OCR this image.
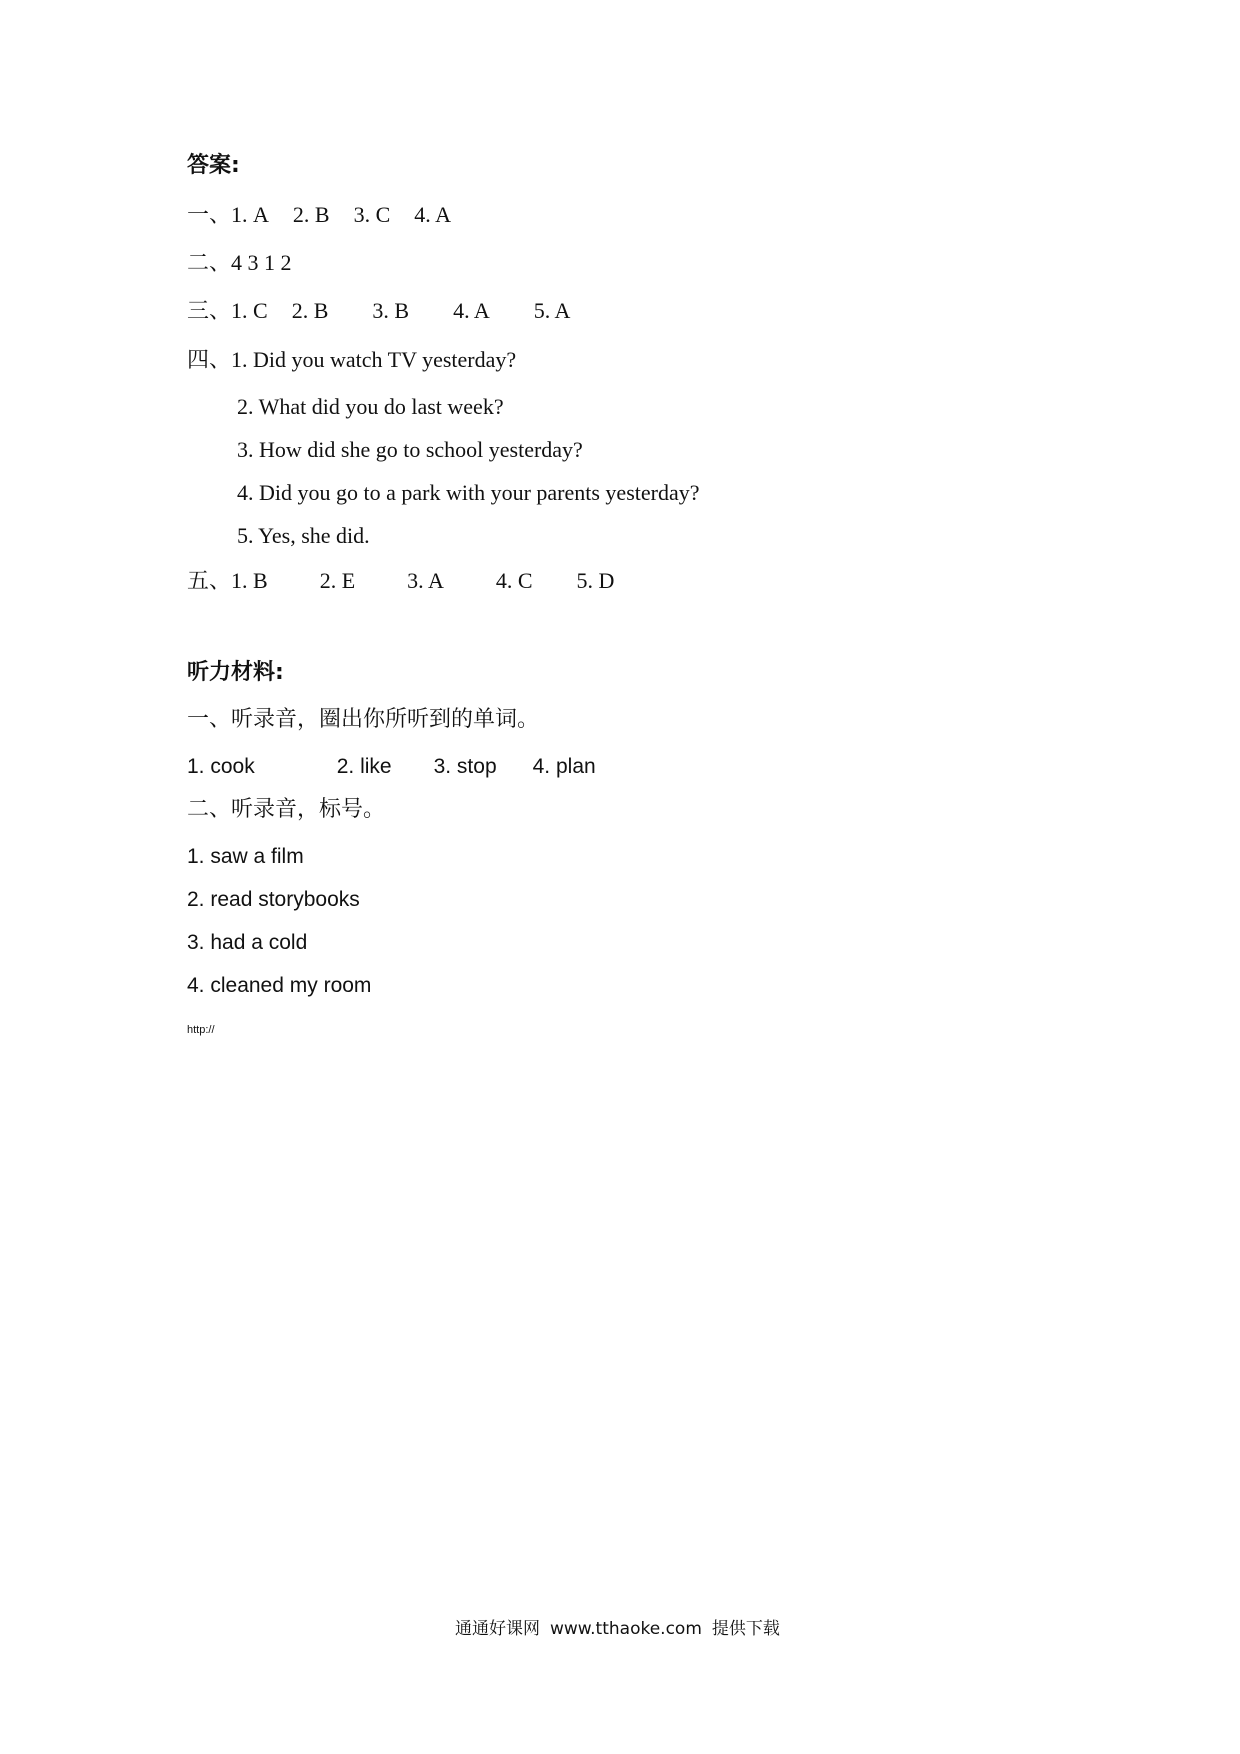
答案:
一、1. A 2. B 3. C 4. A
二、4 3 1 2
三、1. C 2. B 3. B 4. A 5. A
四、1. Did you watch TV yesterday?
2. What did you do last week?
3. How did she go to school yesterday?
4. Did you go to a park with your parents yesterday?
5. Yes, she did.
五、1. B 2. E 3. A 4. C 5. D
听力材料:
一、听录音，圈出你所听到的单词。
1. cook	2. like 3. stop 4. plan
二、听录音，标号。
1. saw a film
2. read storybooks
3. had a cold
4. cleaned my room
http://
通通好课网 www.tthaoke.com 提供下载
